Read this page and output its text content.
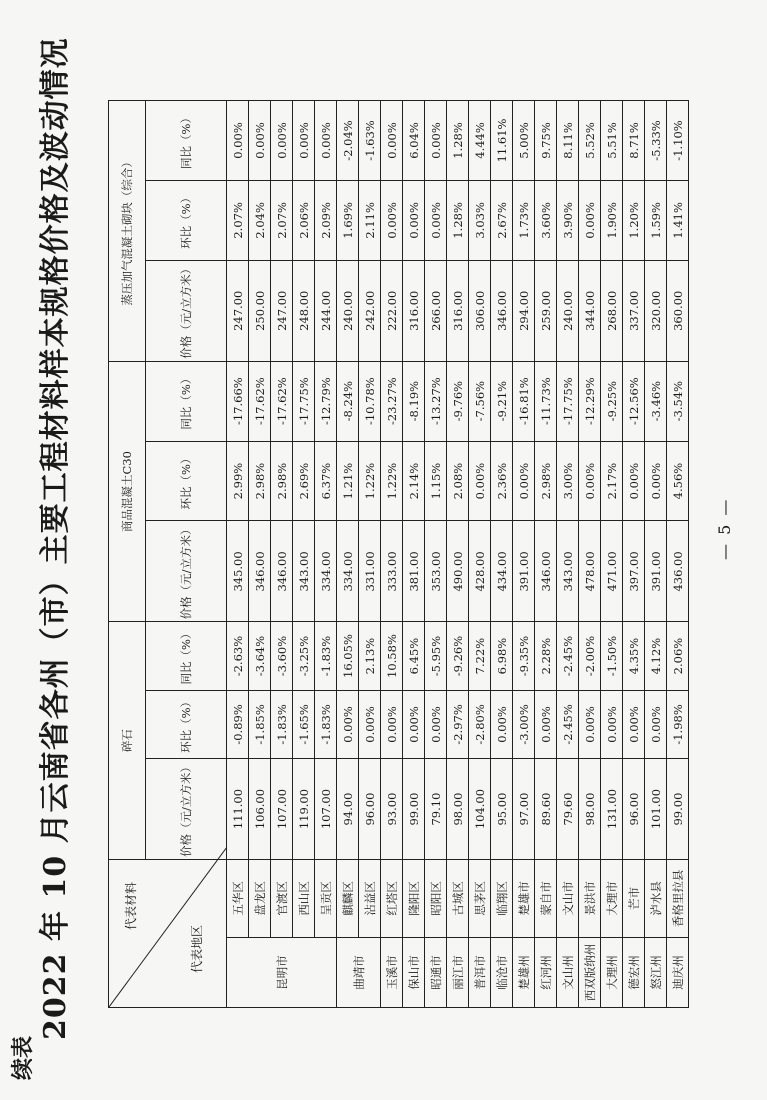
续表
2022 年 10 月云南省各州（市）主要工程材料样本规格价格及波动情况	代表材料
代表地区		碎石			商品混凝土C30			蒸压加气混凝土砌块（综合）		
		价格（元/立方米）	环比（%）	同比（%）	价格（元/立方米）	环比（%）	同比（%）	价格（元/立方米）	环比（%）	同比（%）
昆明市	五华区	111.00	-0.89%	-2.63%	345.00	2.99%	-17.66%	247.00	2.07%	0.00%
	盘龙区	106.00	-1.85%	-3.64%	346.00	2.98%	-17.62%	250.00	2.04%	0.00%
	官渡区	107.00	-1.83%	-3.60%	346.00	2.98%	-17.62%	247.00	2.07%	0.00%
	西山区	119.00	-1.65%	-3.25%	343.00	2.69%	-17.75%	248.00	2.06%	0.00%
	呈贡区	107.00	-1.83%	-1.83%	334.00	6.37%	-12.79%	244.00	2.09%	0.00%
曲靖市	麒麟区	94.00	0.00%	16.05%	334.00	1.21%	-8.24%	240.00	1.69%	-2.04%
	沾益区	96.00	0.00%	2.13%	331.00	1.22%	-10.78%	242.00	2.11%	-1.63%
玉溪市	红塔区	93.00	0.00%	10.58%	333.00	1.22%	-23.27%	222.00	0.00%	0.00%
保山市	隆阳区	99.00	0.00%	6.45%	381.00	2.14%	-8.19%	316.00	0.00%	6.04%
昭通市	昭阳区	79.10	0.00%	-5.95%	353.00	1.15%	-13.27%	266.00	0.00%	0.00%
丽江市	古城区	98.00	-2.97%	-9.26%	490.00	2.08%	-9.76%	316.00	1.28%	1.28%
普洱市	思茅区	104.00	-2.80%	7.22%	428.00	0.00%	-7.56%	306.00	3.03%	4.44%
临沧市	临翔区	95.00	0.00%	6.98%	434.00	2.36%	-9.21%	346.00	2.67%	11.61%
楚雄州	楚雄市	97.00	-3.00%	-9.35%	391.00	0.00%	-16.81%	294.00	1.73%	5.00%
红河州	蒙自市	89.60	0.00%	2.28%	346.00	2.98%	-11.73%	259.00	3.60%	9.75%
文山州	文山市	79.60	-2.45%	-2.45%	343.00	3.00%	-17.75%	240.00	3.90%	8.11%
西双版纳州	景洪市	98.00	0.00%	-2.00%	478.00	0.00%	-12.29%	344.00	0.00%	5.52%
大理州	大理市	131.00	0.00%	-1.50%	471.00	2.17%	-9.25%	268.00	1.90%	5.51%
德宏州	芒市	96.00	0.00%	4.35%	397.00	0.00%	-12.56%	337.00	1.20%	8.71%
怒江州	泸水县	101.00	0.00%	4.12%	391.00	0.00%	-3.46%	320.00	1.59%	-5.33%
迪庆州	香格里拉县	99.00	-1.98%	2.06%	436.00	4.56%	-3.54%	360.00	1.41%	-1.10%
— 5 —
